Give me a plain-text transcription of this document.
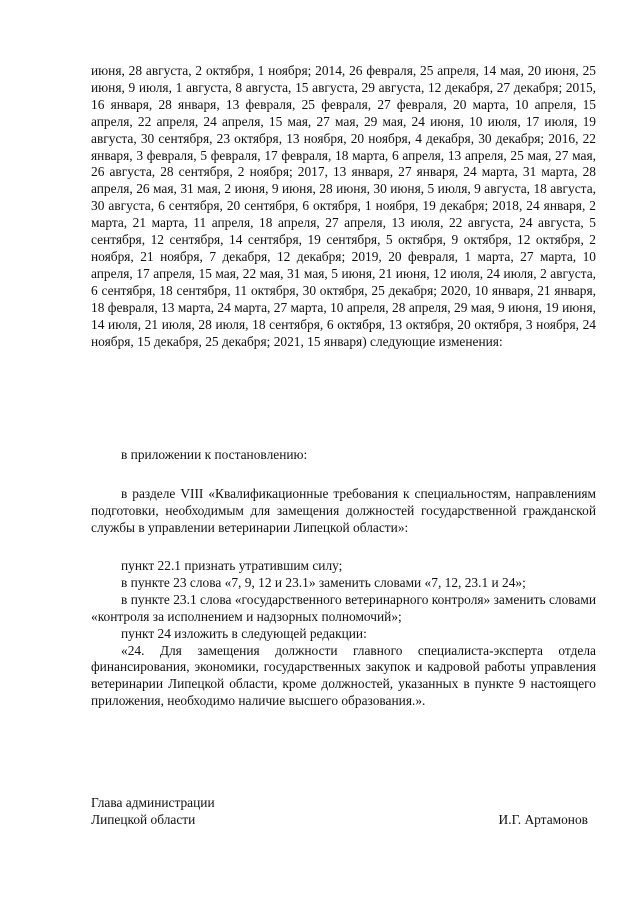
июня, 28 августа, 2 октября, 1 ноября; 2014, 26 февраля, 25 апреля, 14 мая, 20 июня, 25 июня, 9 июля, 1 августа, 8 августа, 15 августа, 29 августа, 12 декабря, 27 декабря; 2015, 16 января, 28 января, 13 февраля, 25 февраля, 27 февраля, 20 марта, 10 апреля, 15 апреля, 22 апреля, 24 апреля, 15 мая, 27 мая, 29 мая, 24 июня, 10 июля, 17 июля, 19 августа, 30 сентября, 23 октября, 13 ноября, 20 ноября, 4 декабря, 30 декабря; 2016, 22 января, 3 февраля, 5 февраля, 17 февраля, 18 марта, 6 апреля, 13 апреля, 25 мая, 27 мая, 26 августа, 28 сентября, 2 ноября; 2017, 13 января, 27 января, 24 марта, 31 марта, 28 апреля, 26 мая, 31 мая, 2 июня, 9 июня, 28 июня, 30 июня, 5 июля, 9 августа, 18 августа, 30 августа, 6 сентября, 20 сентября, 6 октября, 1 ноября, 19 декабря; 2018, 24 января, 2 марта, 21 марта, 11 апреля, 18 апреля, 27 апреля, 13 июля, 22 августа, 24 августа, 5 сентября, 12 сентября, 14 сентября, 19 сентября, 5 октября, 9 октября, 12 октября, 2 ноября, 21 ноября, 7 декабря, 12 декабря; 2019, 20 февраля, 1 марта, 27 марта, 10 апреля, 17 апреля, 15 мая, 22 мая, 31 мая, 5 июня, 21 июня, 12 июля, 24 июля, 2 августа, 6 сентября, 18 сентября, 11 октября, 30 октября, 25 декабря; 2020, 10 января, 21 января, 18 февраля, 13 марта, 24 марта, 27 марта, 10 апреля, 28 апреля, 29 мая, 9 июня, 19 июня, 14 июля, 21 июля, 28 июля, 18 сентября, 6 октября, 13 октября, 20 октября, 3 ноября, 24 ноября, 15 декабря, 25 декабря; 2021, 15 января) следующие изменения:

в приложении к постановлению:

в разделе VIII «Квалификационные требования к специальностям, направлениям подготовки, необходимым для замещения должностей государственной гражданской службы в управлении ветеринарии Липецкой области»:

пункт 22.1 признать утратившим силу;

в пункте 23 слова «7, 9, 12 и 23.1» заменить словами «7, 12, 23.1 и 24»;

в пункте 23.1 слова «государственного ветеринарного контроля» заменить словами «контроля за исполнением и надзорных полномочий»;

пункт 24 изложить в следующей редакции:

«24. Для замещения должности главного специалиста-эксперта отдела финансирования, экономики, государственных закупок и кадровой работы управления ветеринарии Липецкой области, кроме должностей, указанных в пункте 9 настоящего приложения, необходимо наличие высшего образования.».

Глава администрации
Липецкой области	И.Г. Артамонов
